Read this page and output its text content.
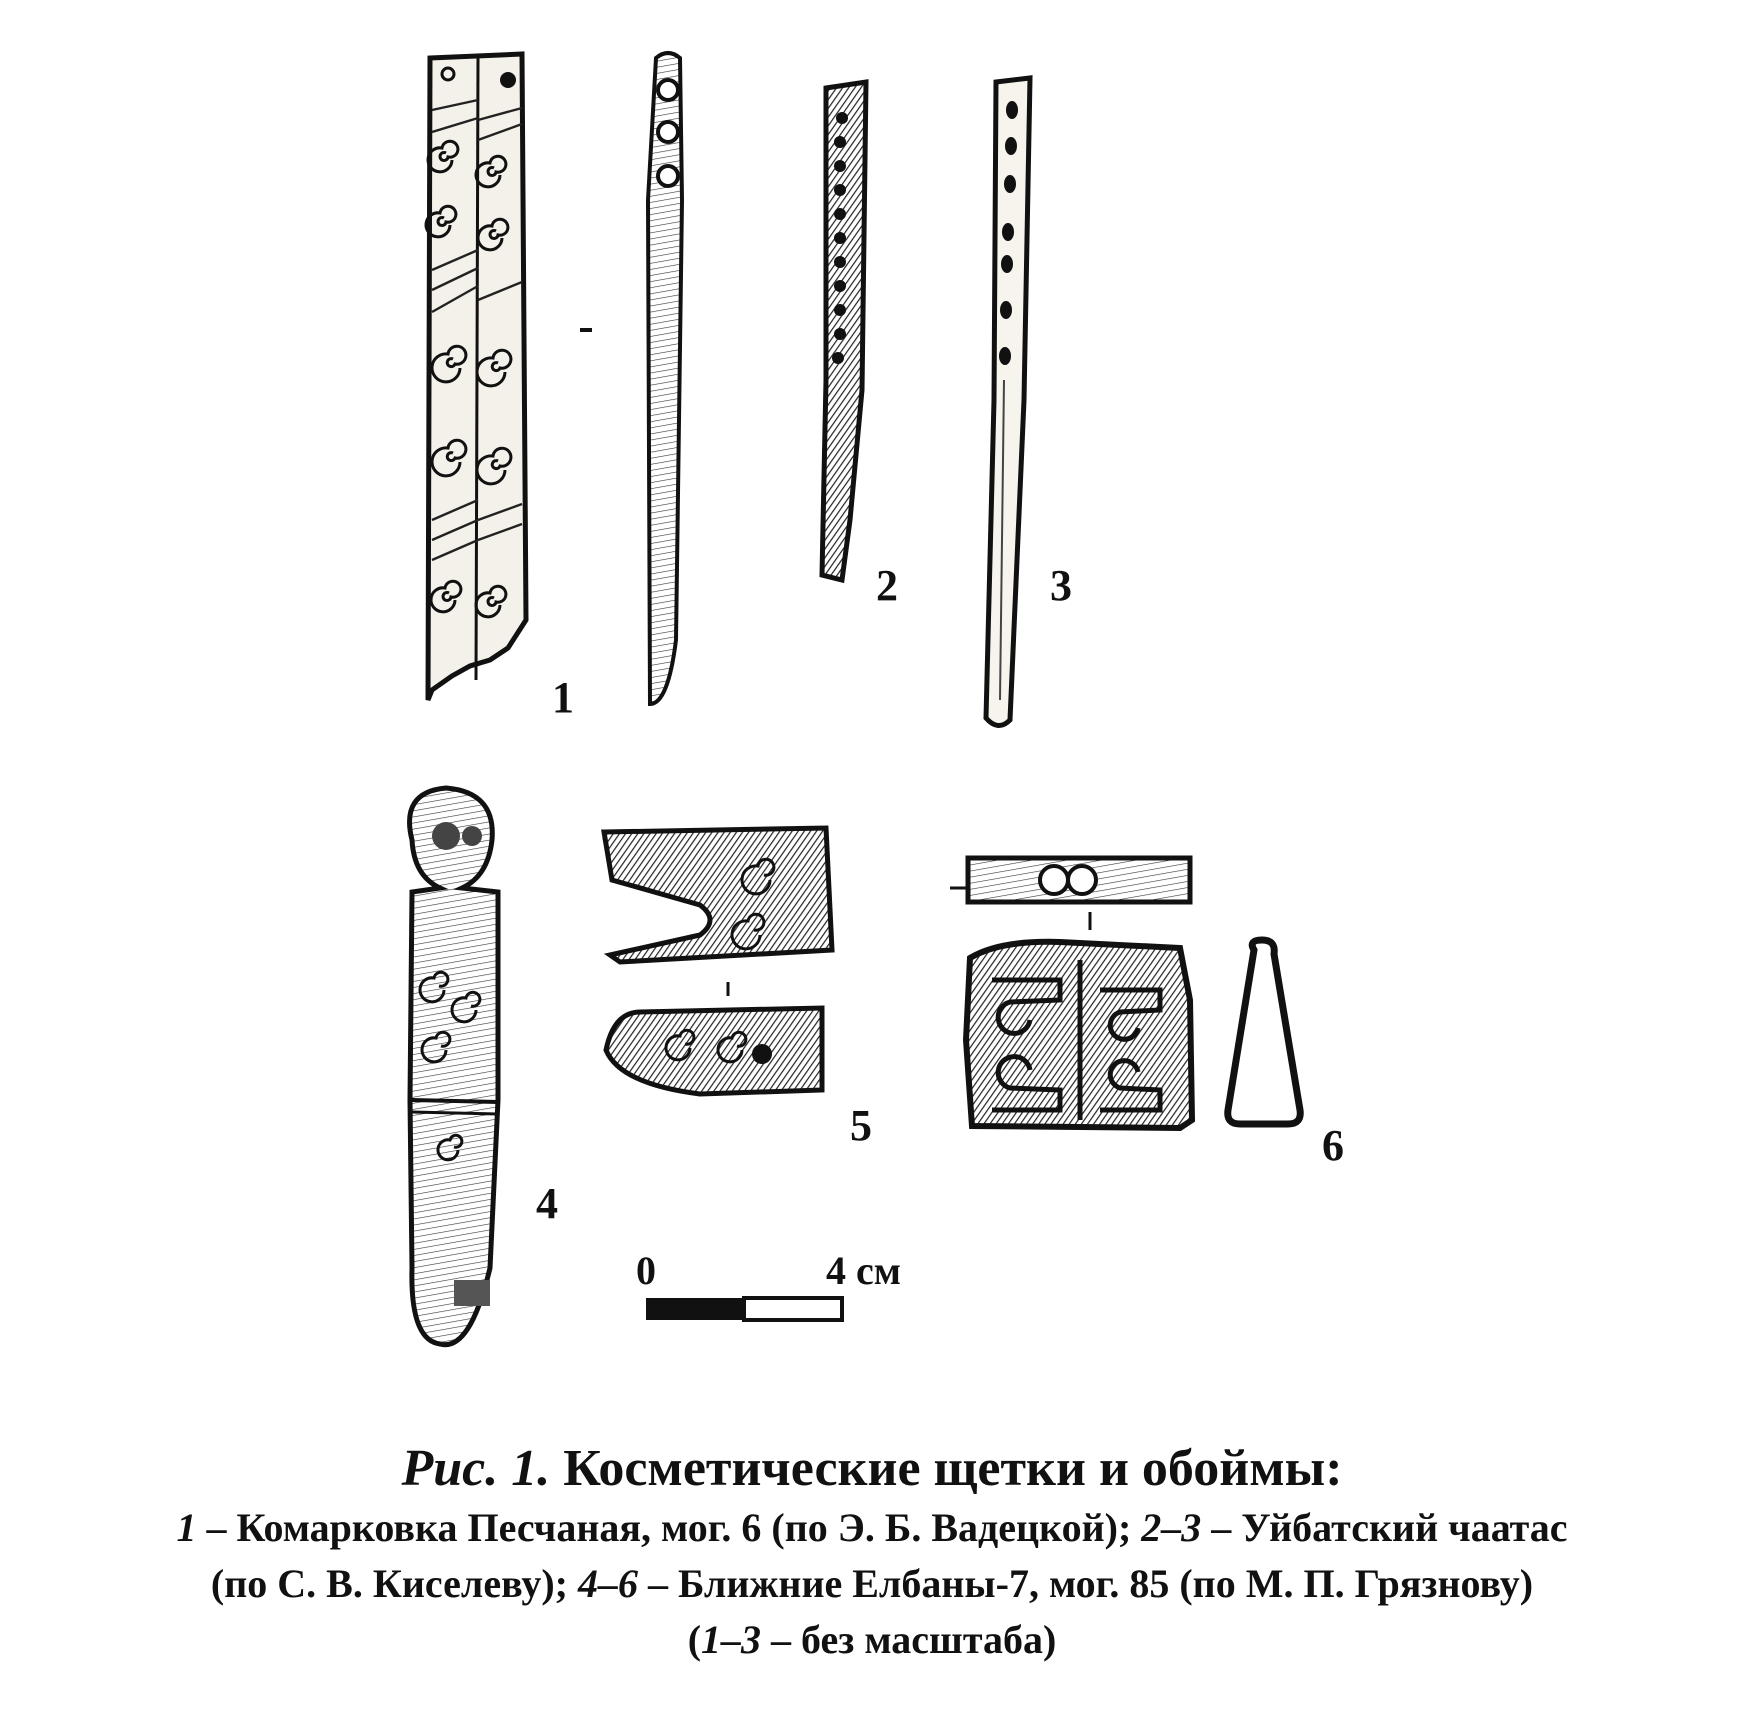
1
2	3
4
5	6
0	4 см
Рис. 1. Косметические щетки и обоймы:
1 – Комарковка Песчаная, мог. 6 (по Э. Б. Вадецкой); 2–3 – Уйбатский чаатас
(по С. В. Киселеву); 4–6 – Ближние Елбаны-7, мог. 85 (по М. П. Грязнову)
(1–3 – без масштаба)
